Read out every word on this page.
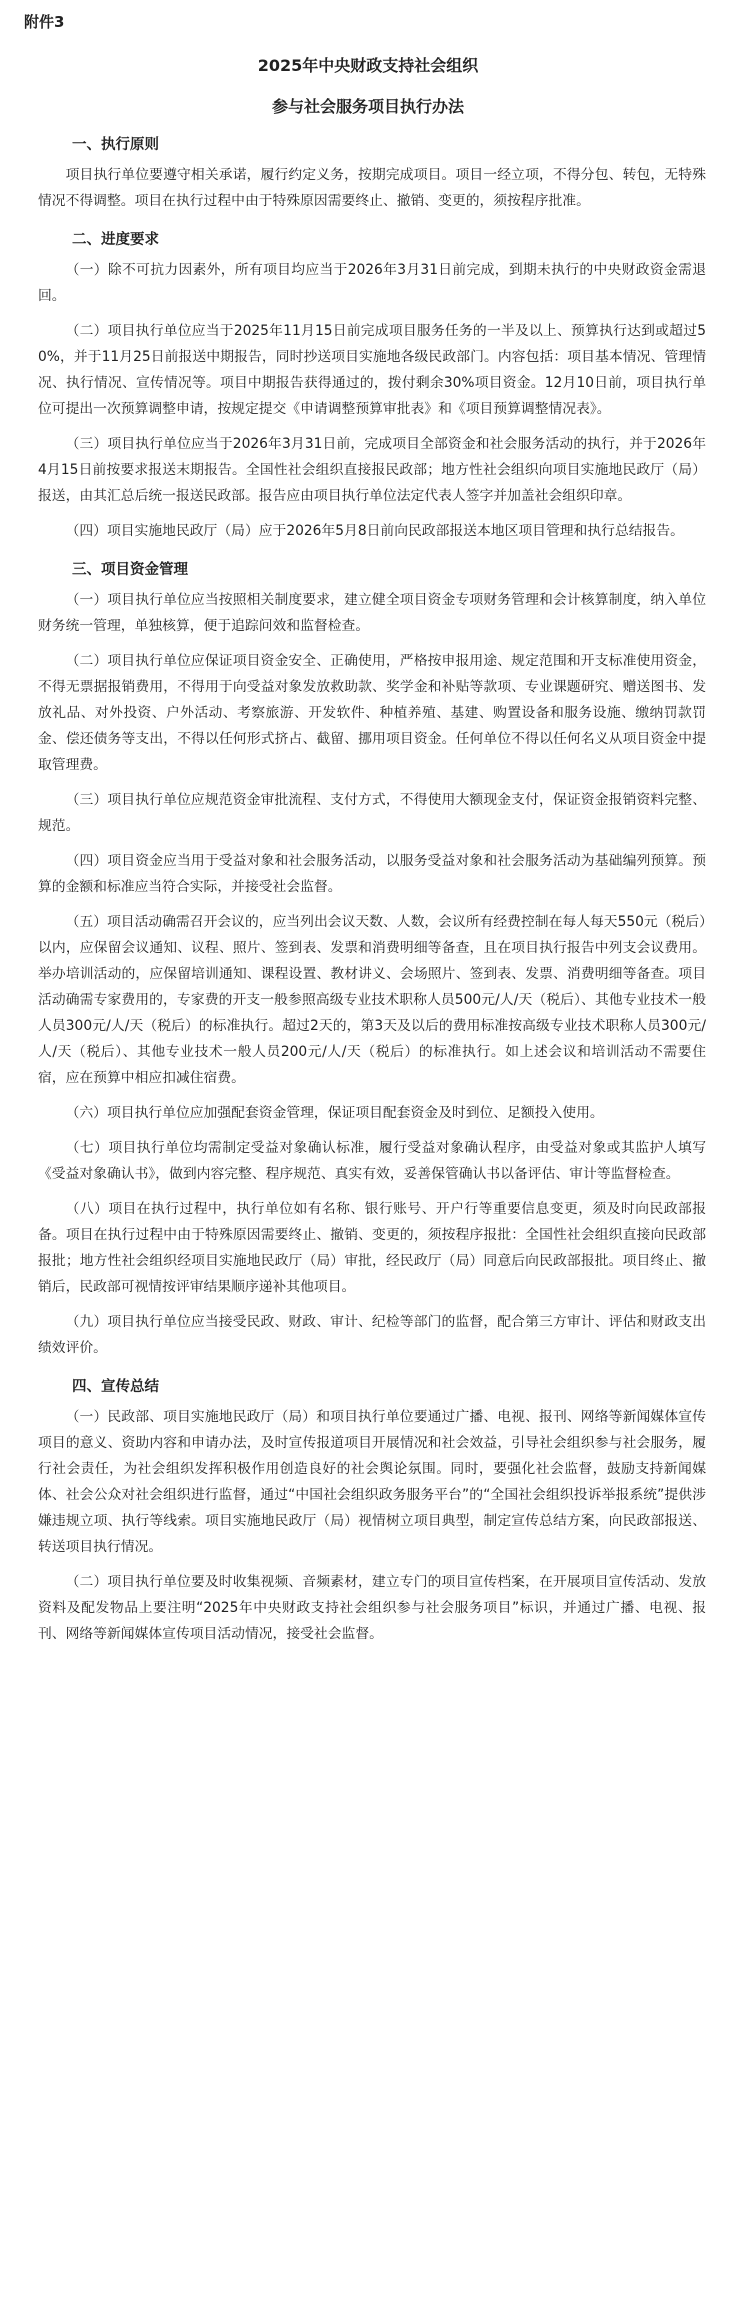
附件3
2025年中央财政支持社会组织
参与社会服务项目执行办法
一、执行原则

项目执行单位要遵守相关承诺，履行约定义务，按期完成项目。项目一经立项，不得分包、转包，无特殊情况不得调整。项目在执行过程中由于特殊原因需要终止、撤销、变更的，须按程序批准。

二、进度要求

（一）除不可抗力因素外，所有项目均应当于2026年3月31日前完成，到期未执行的中央财政资金需退回。

（二）项目执行单位应当于2025年11月15日前完成项目服务任务的一半及以上、预算执行达到或超过50%，并于11月25日前报送中期报告，同时抄送项目实施地各级民政部门。内容包括：项目基本情况、管理情况、执行情况、宣传情况等。项目中期报告获得通过的，拨付剩余30%项目资金。12月10日前，项目执行单位可提出一次预算调整申请，按规定提交《申请调整预算审批表》和《项目预算调整情况表》。

（三）项目执行单位应当于2026年3月31日前，完成项目全部资金和社会服务活动的执行，并于2026年4月15日前按要求报送末期报告。全国性社会组织直接报民政部；地方性社会组织向项目实施地民政厅（局）报送，由其汇总后统一报送民政部。报告应由项目执行单位法定代表人签字并加盖社会组织印章。

（四）项目实施地民政厅（局）应于2026年5月8日前向民政部报送本地区项目管理和执行总结报告。

三、项目资金管理

（一）项目执行单位应当按照相关制度要求，建立健全项目资金专项财务管理和会计核算制度，纳入单位财务统一管理，单独核算，便于追踪问效和监督检查。

（二）项目执行单位应保证项目资金安全、正确使用，严格按申报用途、规定范围和开支标准使用资金，不得无票据报销费用，不得用于向受益对象发放救助款、奖学金和补贴等款项、专业课题研究、赠送图书、发放礼品、对外投资、户外活动、考察旅游、开发软件、种植养殖、基建、购置设备和服务设施、缴纳罚款罚金、偿还债务等支出，不得以任何形式挤占、截留、挪用项目资金。任何单位不得以任何名义从项目资金中提取管理费。

（三）项目执行单位应规范资金审批流程、支付方式，不得使用大额现金支付，保证资金报销资料完整、规范。

（四）项目资金应当用于受益对象和社会服务活动，以服务受益对象和社会服务活动为基础编列预算。预算的金额和标准应当符合实际，并接受社会监督。

（五）项目活动确需召开会议的，应当列出会议天数、人数，会议所有经费控制在每人每天550元（税后）以内，应保留会议通知、议程、照片、签到表、发票和消费明细等备查，且在项目执行报告中列支会议费用。举办培训活动的，应保留培训通知、课程设置、教材讲义、会场照片、签到表、发票、消费明细等备查。项目活动确需专家费用的，专家费的开支一般参照高级专业技术职称人员500元/人/天（税后）、其他专业技术一般人员300元/人/天（税后）的标准执行。超过2天的，第3天及以后的费用标准按高级专业技术职称人员300元/人/天（税后）、其他专业技术一般人员200元/人/天（税后）的标准执行。如上述会议和培训活动不需要住宿，应在预算中相应扣减住宿费。

（六）项目执行单位应加强配套资金管理，保证项目配套资金及时到位、足额投入使用。

（七）项目执行单位均需制定受益对象确认标准，履行受益对象确认程序，由受益对象或其监护人填写《受益对象确认书》，做到内容完整、程序规范、真实有效，妥善保管确认书以备评估、审计等监督检查。

（八）项目在执行过程中，执行单位如有名称、银行账号、开户行等重要信息变更，须及时向民政部报备。项目在执行过程中由于特殊原因需要终止、撤销、变更的，须按程序报批：全国性社会组织直接向民政部报批；地方性社会组织经项目实施地民政厅（局）审批，经民政厅（局）同意后向民政部报批。项目终止、撤销后，民政部可视情按评审结果顺序递补其他项目。

（九）项目执行单位应当接受民政、财政、审计、纪检等部门的监督，配合第三方审计、评估和财政支出绩效评价。

四、宣传总结

（一）民政部、项目实施地民政厅（局）和项目执行单位要通过广播、电视、报刊、网络等新闻媒体宣传项目的意义、资助内容和申请办法，及时宣传报道项目开展情况和社会效益，引导社会组织参与社会服务，履行社会责任，为社会组织发挥积极作用创造良好的社会舆论氛围。同时，要强化社会监督，鼓励支持新闻媒体、社会公众对社会组织进行监督，通过“中国社会组织政务服务平台”的“全国社会组织投诉举报系统”提供涉嫌违规立项、执行等线索。项目实施地民政厅（局）视情树立项目典型，制定宣传总结方案，向民政部报送、转送项目执行情况。

（二）项目执行单位要及时收集视频、音频素材，建立专门的项目宣传档案，在开展项目宣传活动、发放资料及配发物品上要注明“2025年中央财政支持社会组织参与社会服务项目”标识，并通过广播、电视、报刊、网络等新闻媒体宣传项目活动情况，接受社会监督。
